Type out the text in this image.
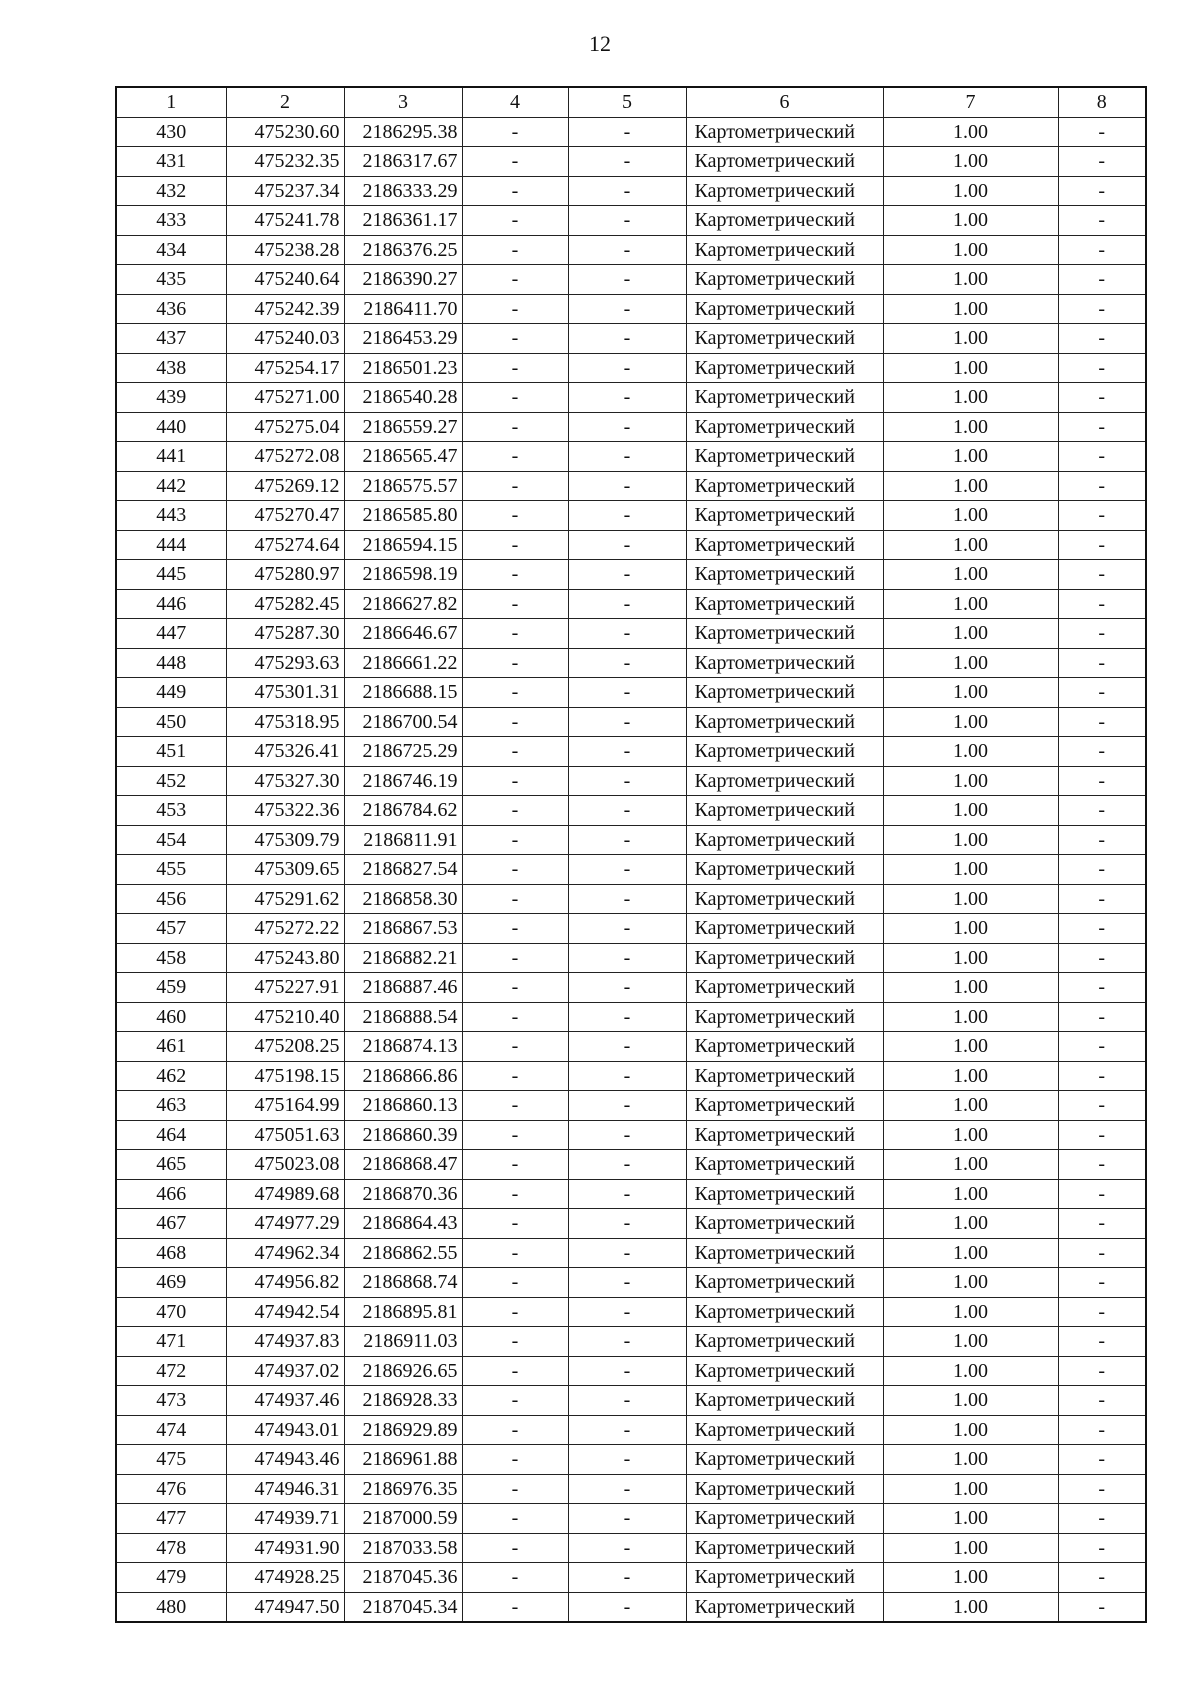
12
1	2	3	4	5	6	7	8
430	475230.60	2186295.38	-	-	Картометрический	1.00	-
431	475232.35	2186317.67	-	-	Картометрический	1.00	-
432	475237.34	2186333.29	-	-	Картометрический	1.00	-
433	475241.78	2186361.17	-	-	Картометрический	1.00	-
434	475238.28	2186376.25	-	-	Картометрический	1.00	-
435	475240.64	2186390.27	-	-	Картометрический	1.00	-
436	475242.39	2186411.70	-	-	Картометрический	1.00	-
437	475240.03	2186453.29	-	-	Картометрический	1.00	-
438	475254.17	2186501.23	-	-	Картометрический	1.00	-
439	475271.00	2186540.28	-	-	Картометрический	1.00	-
440	475275.04	2186559.27	-	-	Картометрический	1.00	-
441	475272.08	2186565.47	-	-	Картометрический	1.00	-
442	475269.12	2186575.57	-	-	Картометрический	1.00	-
443	475270.47	2186585.80	-	-	Картометрический	1.00	-
444	475274.64	2186594.15	-	-	Картометрический	1.00	-
445	475280.97	2186598.19	-	-	Картометрический	1.00	-
446	475282.45	2186627.82	-	-	Картометрический	1.00	-
447	475287.30	2186646.67	-	-	Картометрический	1.00	-
448	475293.63	2186661.22	-	-	Картометрический	1.00	-
449	475301.31	2186688.15	-	-	Картометрический	1.00	-
450	475318.95	2186700.54	-	-	Картометрический	1.00	-
451	475326.41	2186725.29	-	-	Картометрический	1.00	-
452	475327.30	2186746.19	-	-	Картометрический	1.00	-
453	475322.36	2186784.62	-	-	Картометрический	1.00	-
454	475309.79	2186811.91	-	-	Картометрический	1.00	-
455	475309.65	2186827.54	-	-	Картометрический	1.00	-
456	475291.62	2186858.30	-	-	Картометрический	1.00	-
457	475272.22	2186867.53	-	-	Картометрический	1.00	-
458	475243.80	2186882.21	-	-	Картометрический	1.00	-
459	475227.91	2186887.46	-	-	Картометрический	1.00	-
460	475210.40	2186888.54	-	-	Картометрический	1.00	-
461	475208.25	2186874.13	-	-	Картометрический	1.00	-
462	475198.15	2186866.86	-	-	Картометрический	1.00	-
463	475164.99	2186860.13	-	-	Картометрический	1.00	-
464	475051.63	2186860.39	-	-	Картометрический	1.00	-
465	475023.08	2186868.47	-	-	Картометрический	1.00	-
466	474989.68	2186870.36	-	-	Картометрический	1.00	-
467	474977.29	2186864.43	-	-	Картометрический	1.00	-
468	474962.34	2186862.55	-	-	Картометрический	1.00	-
469	474956.82	2186868.74	-	-	Картометрический	1.00	-
470	474942.54	2186895.81	-	-	Картометрический	1.00	-
471	474937.83	2186911.03	-	-	Картометрический	1.00	-
472	474937.02	2186926.65	-	-	Картометрический	1.00	-
473	474937.46	2186928.33	-	-	Картометрический	1.00	-
474	474943.01	2186929.89	-	-	Картометрический	1.00	-
475	474943.46	2186961.88	-	-	Картометрический	1.00	-
476	474946.31	2186976.35	-	-	Картометрический	1.00	-
477	474939.71	2187000.59	-	-	Картометрический	1.00	-
478	474931.90	2187033.58	-	-	Картометрический	1.00	-
479	474928.25	2187045.36	-	-	Картометрический	1.00	-
480	474947.50	2187045.34	-	-	Картометрический	1.00	-
